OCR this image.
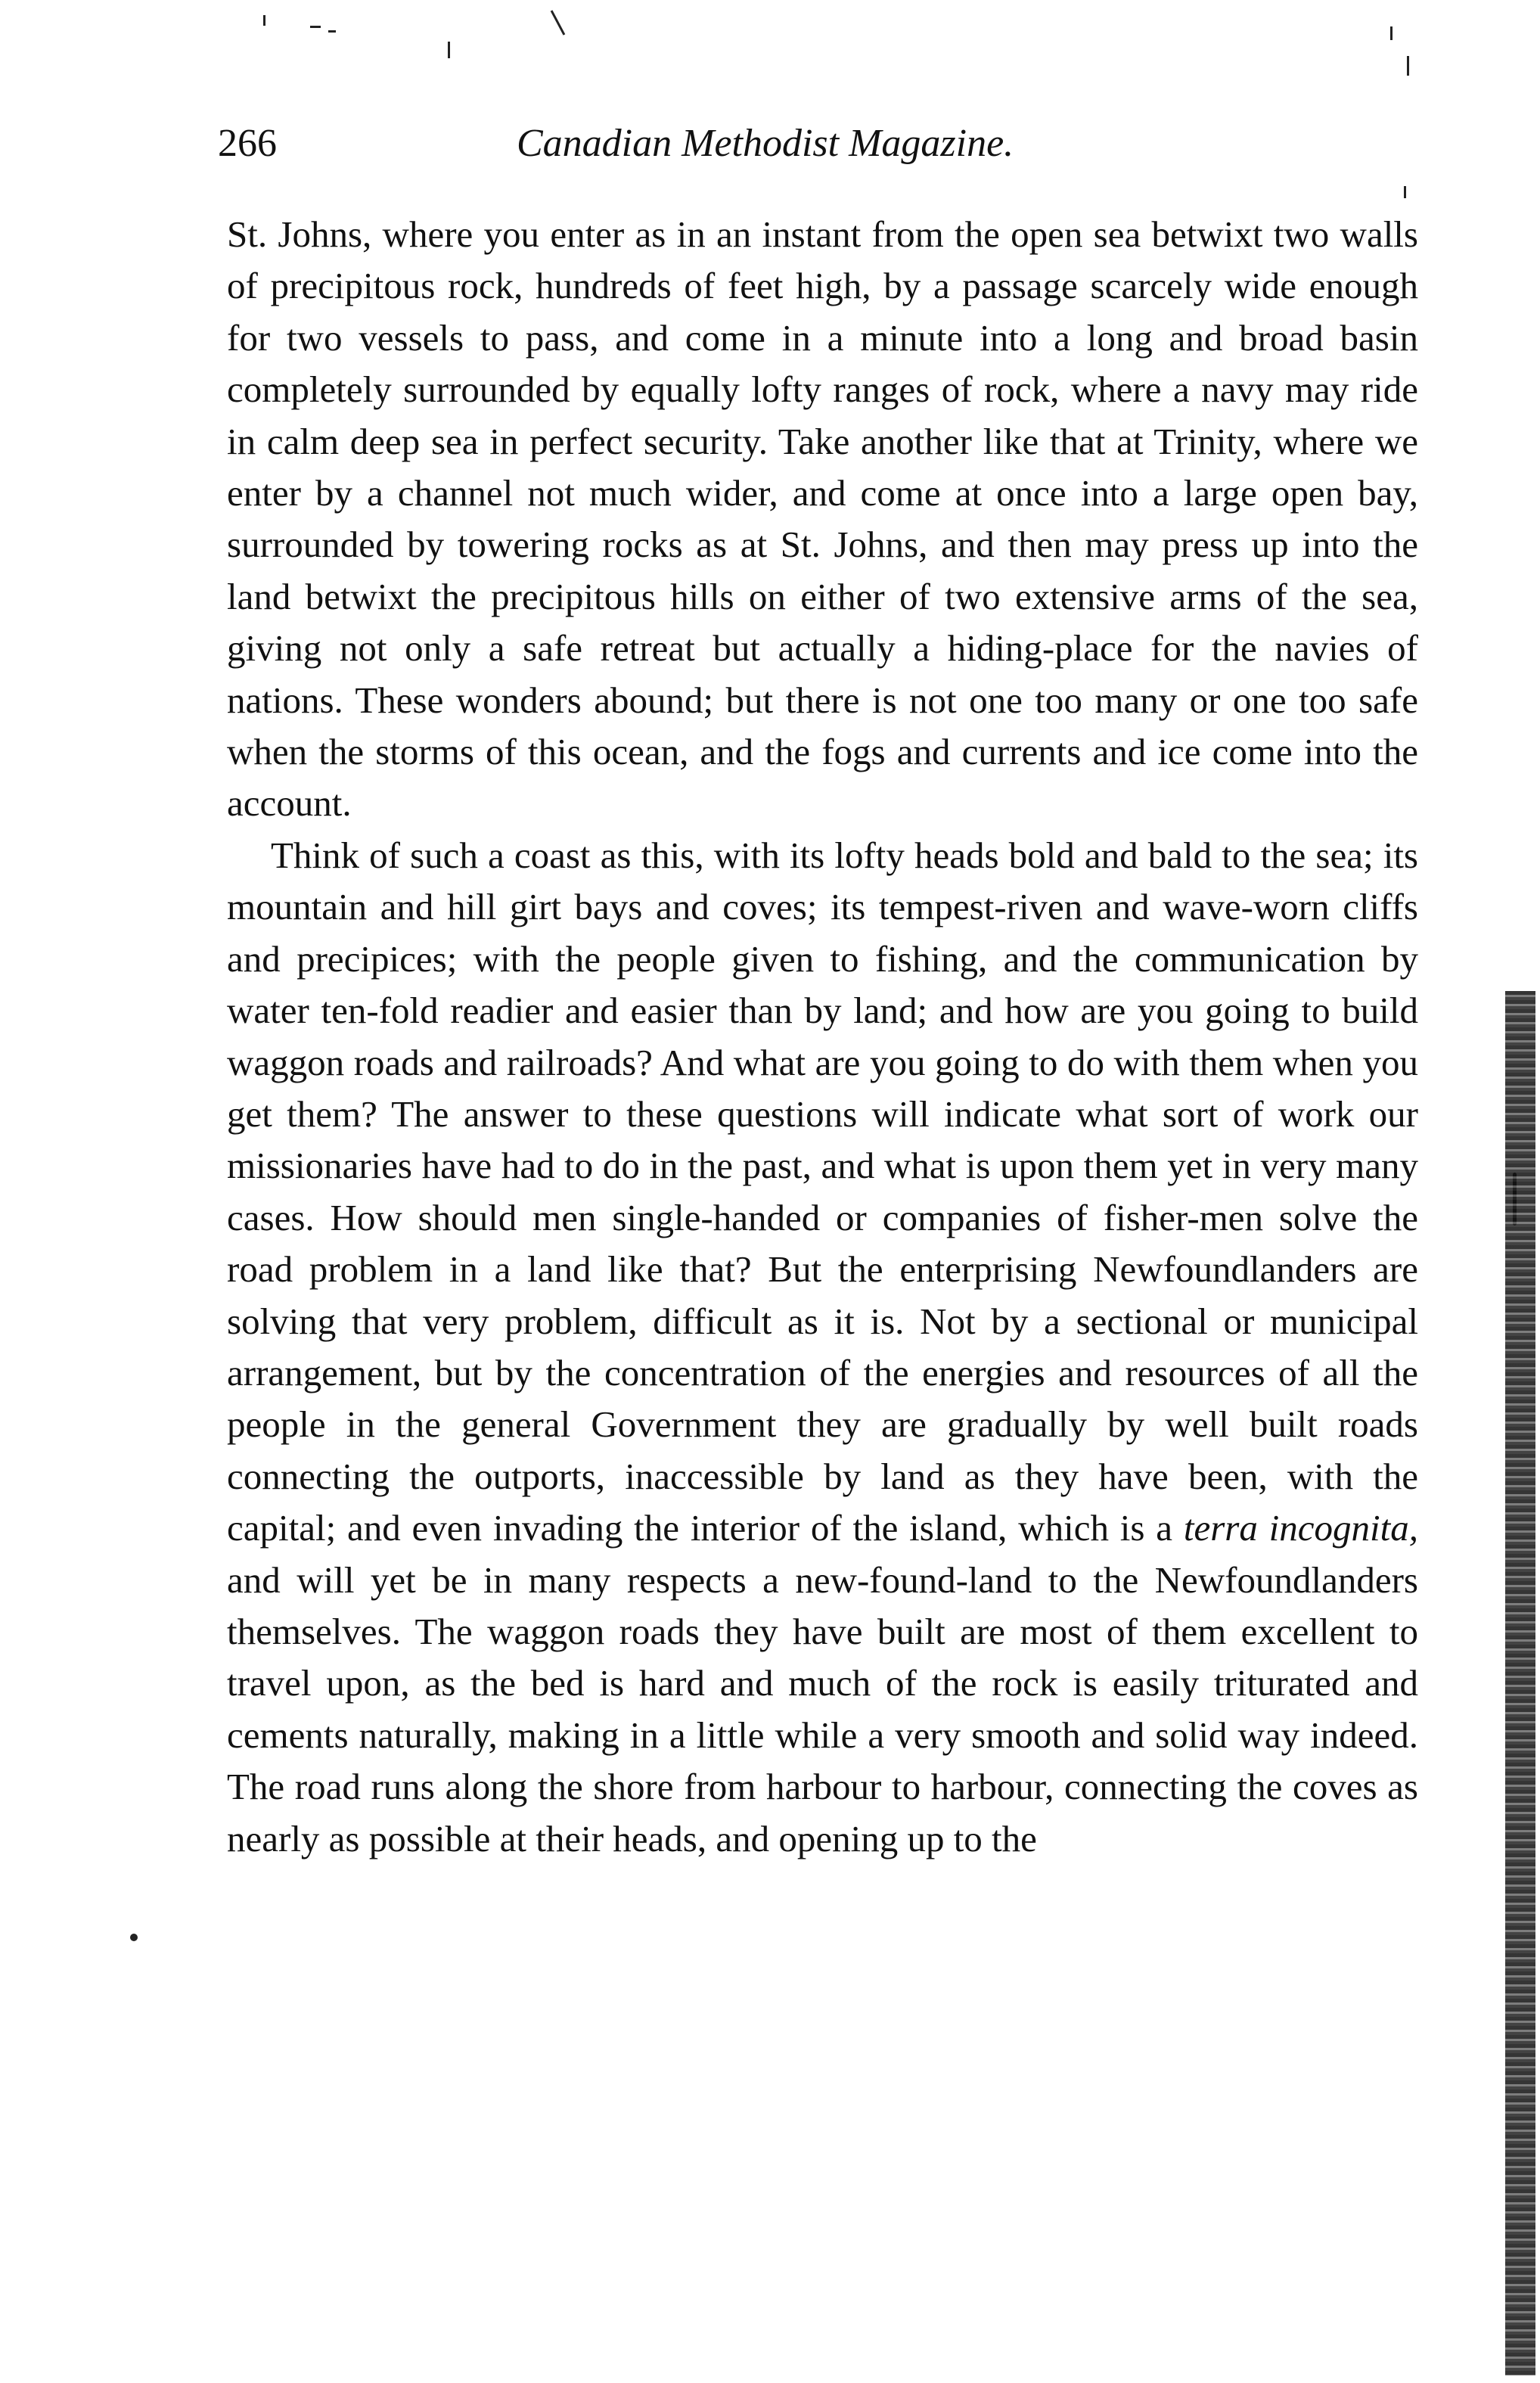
266	Canadian Methodist Magazine.

St. Johns, where you enter as in an instant from the open sea betwixt two walls of precipitous rock, hundreds of feet high, by a passage scarcely wide enough for two vessels to pass, and come in a minute into a long and broad basin completely surrounded by equally lofty ranges of rock, where a navy may ride in calm deep sea in perfect security. Take another like that at Trinity, where we enter by a channel not much wider, and come at once into a large open bay, surrounded by towering rocks as at St. Johns, and then may press up into the land betwixt the precipitous hills on either of two extensive arms of the sea, giving not only a safe retreat but actually a hiding-place for the navies of nations. These wonders abound; but there is not one too many or one too safe when the storms of this ocean, and the fogs and currents and ice come into the account.

Think of such a coast as this, with its lofty heads bold and bald to the sea; its mountain and hill girt bays and coves; its tempest-riven and wave-worn cliffs and precipices; with the people given to fishing, and the communication by water ten-fold readier and easier than by land; and how are you going to build waggon roads and railroads? And what are you going to do with them when you get them? The answer to these questions will indicate what sort of work our missionaries have had to do in the past, and what is upon them yet in very many cases. How should men single-handed or companies of fisher-men solve the road problem in a land like that? But the enterprising Newfoundlanders are solving that very problem, difficult as it is. Not by a sectional or municipal arrangement, but by the concentration of the energies and resources of all the people in the general Government they are gradually by well built roads connecting the outports, inaccessible by land as they have been, with the capital; and even invading the interior of the island, which is a terra incognita, and will yet be in many respects a new-found-land to the Newfoundlanders themselves. The waggon roads they have built are most of them excellent to travel upon, as the bed is hard and much of the rock is easily triturated and cements naturally, making in a little while a very smooth and solid way indeed. The road runs along the shore from harbour to harbour, connecting the coves as nearly as possible at their heads, and opening up to the
